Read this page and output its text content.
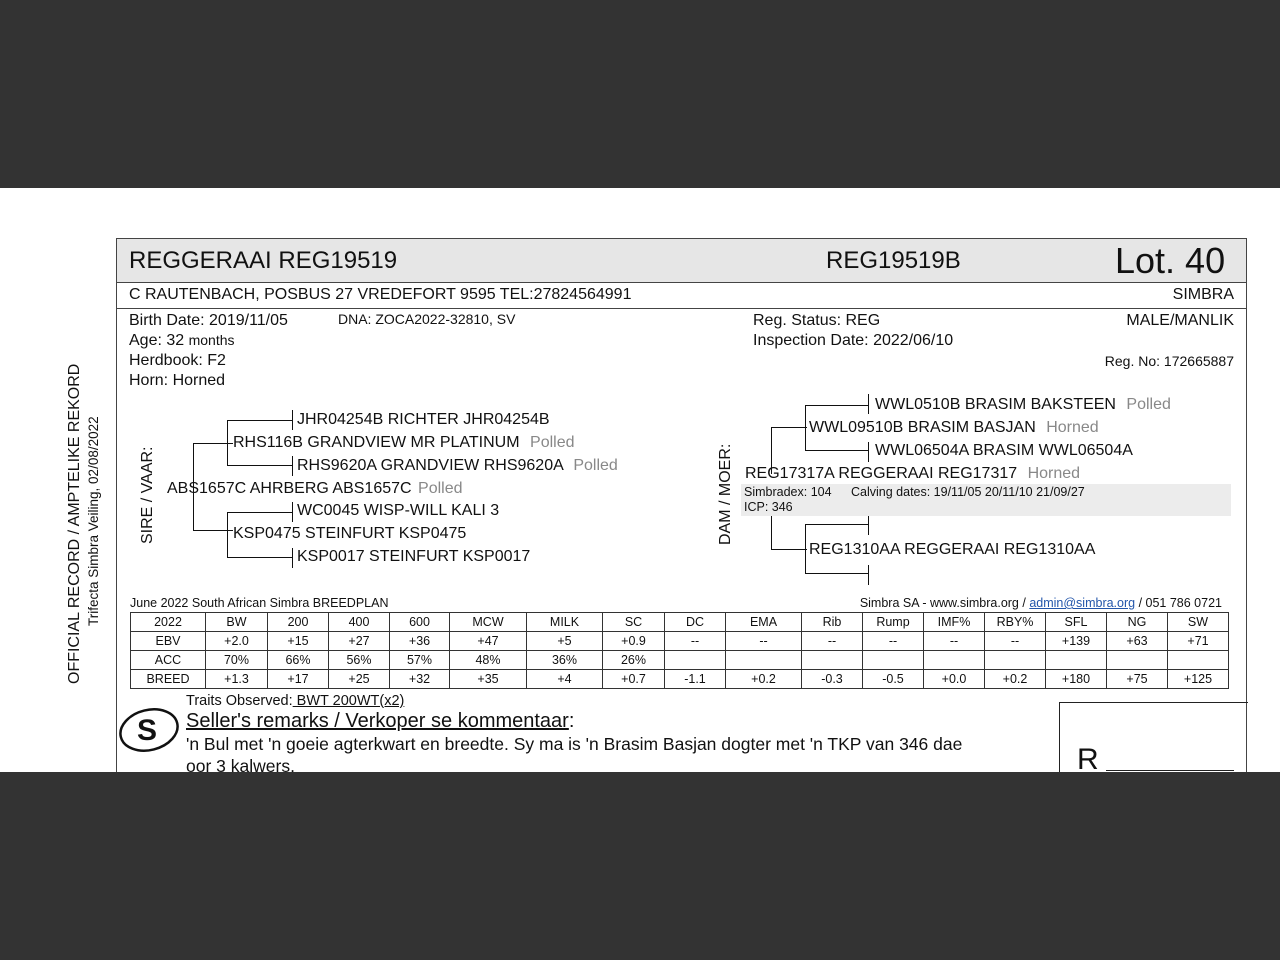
OFFICIAL RECORD / AMPTELIKE REKORD Trifecta Simbra Veiling, 02/08/2022
REGGERAAI REG19519	REG19519B	Lot. 40
C RAUTENBACH, POSBUS 27 VREDEFORT 9595 TEL:27824564991	SIMBRA
Birth Date: 2019/11/05	DNA: ZOCA2022-32810, SV
Age: 32 months
Herdbook: F2
Horn: Horned
Reg. Status: REG
Inspection Date: 2022/06/10
MALE/MANLIK
Reg. No: 172665887
SIRE / VAAR:
JHR04254B RICHTER JHR04254B
RHS116B GRANDVIEW MR PLATINUM Polled
RHS9620A GRANDVIEW RHS9620A Polled
ABS1657C AHRBERG ABS1657C Polled
WC0045 WISP-WILL KALI 3
KSP0475 STEINFURT KSP0475
KSP0017 STEINFURT KSP0017
DAM / MOER:
WWL0510B BRASIM BAKSTEEN Polled
WWL09510B BRASIM BASJAN Horned
WWL06504A BRASIM WWL06504A
REG17317A REGGERAAI REG17317 Horned
Simbradex: 104 Calving dates: 19/11/05 20/11/10 21/09/27
ICP: 346
REG1310AA REGGERAAI REG1310AA
June 2022 South African Simbra BREEDPLAN	Simbra SA - www.simbra.org / admin@simbra.org / 051 786 0721
2022	BW	200	400	600	MCW	MILK	SC	DC	EMA	Rib	Rump	IMF%	RBY%	SFL	NG	SW
EBV	+2.0	+15	+27	+36	+47	+5	+0.9	--	--	--	--	--	--	+139	+63	+71
ACC	70%	66%	56%	57%	48%	36%	26%									
BREED	+1.3	+17	+25	+32	+35	+4	+0.7	-1.1	+0.2	-0.3	-0.5	+0.0	+0.2	+180	+75	+125
Traits Observed: BWT 200WT(x2)
S Seller's remarks / Verkoper se kommentaar:
'n Bul met 'n goeie agterkwart en breedte. Sy ma is 'n Brasim Basjan dogter met 'n TKP van 346 dae
oor 3 kalwers.	R
